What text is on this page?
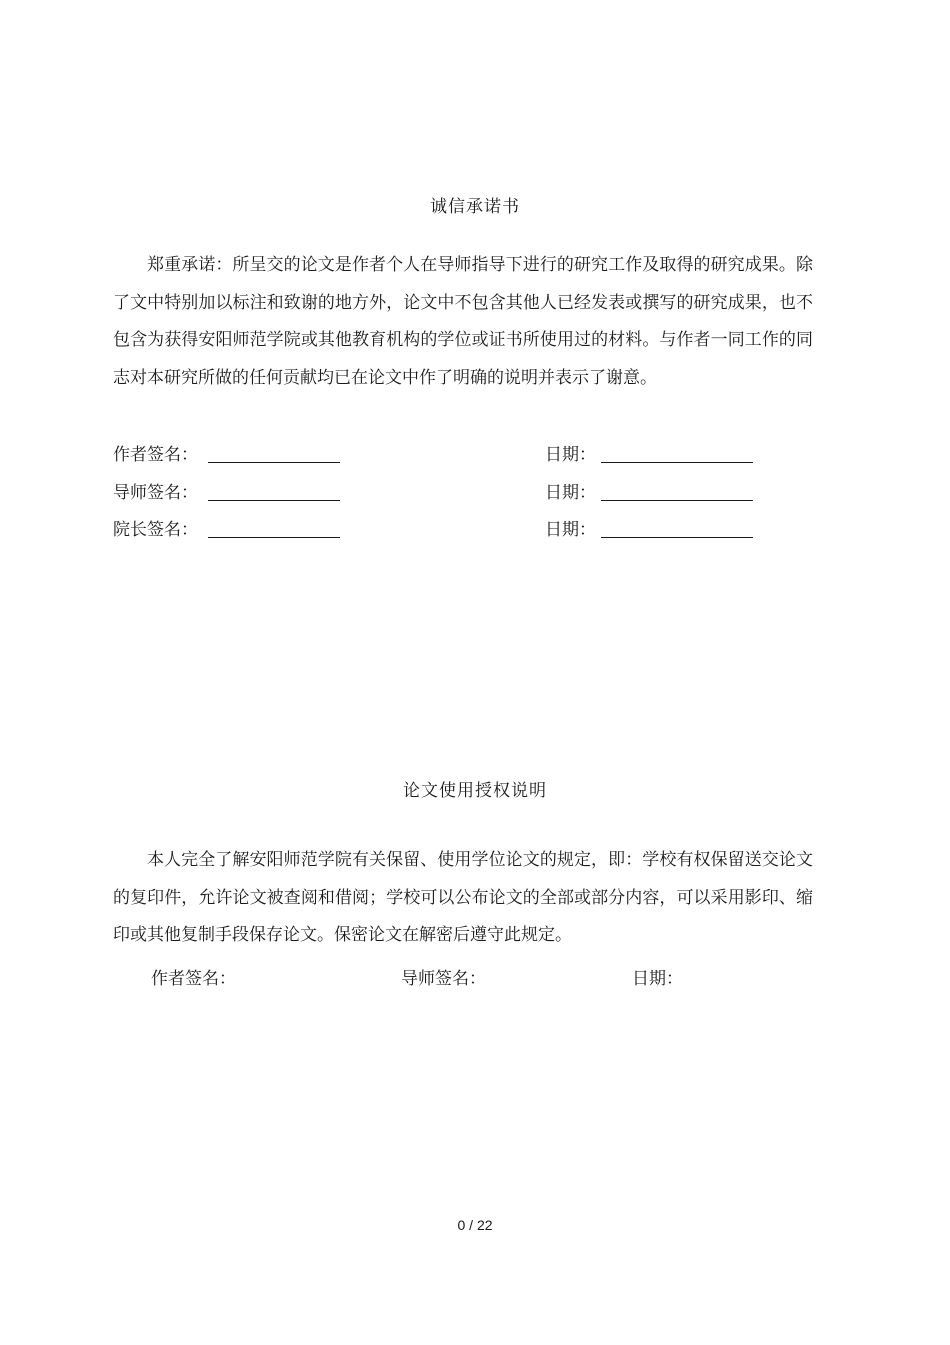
诚信承诺书
郑重承诺：所呈交的论文是作者个人在导师指导下进行的研究工作及取得的研究成果。除了文中特别加以标注和致谢的地方外，论文中不包含其他人已经发表或撰写的研究成果，也不包含为获得安阳师范学院或其他教育机构的学位或证书所使用过的材料。与作者一同工作的同志对本研究所做的任何贡献均已在论文中作了明确的说明并表示了谢意。
作者签名：	日期：
导师签名：	日期：
院长签名：	日期：
论文使用授权说明
本人完全了解安阳师范学院有关保留、使用学位论文的规定，即：学校有权保留送交论文的复印件，允许论文被查阅和借阅；学校可以公布论文的全部或部分内容，可以采用影印、缩印或其他复制手段保存论文。保密论文在解密后遵守此规定。
作者签名：	导师签名：	日期：
0 / 22
